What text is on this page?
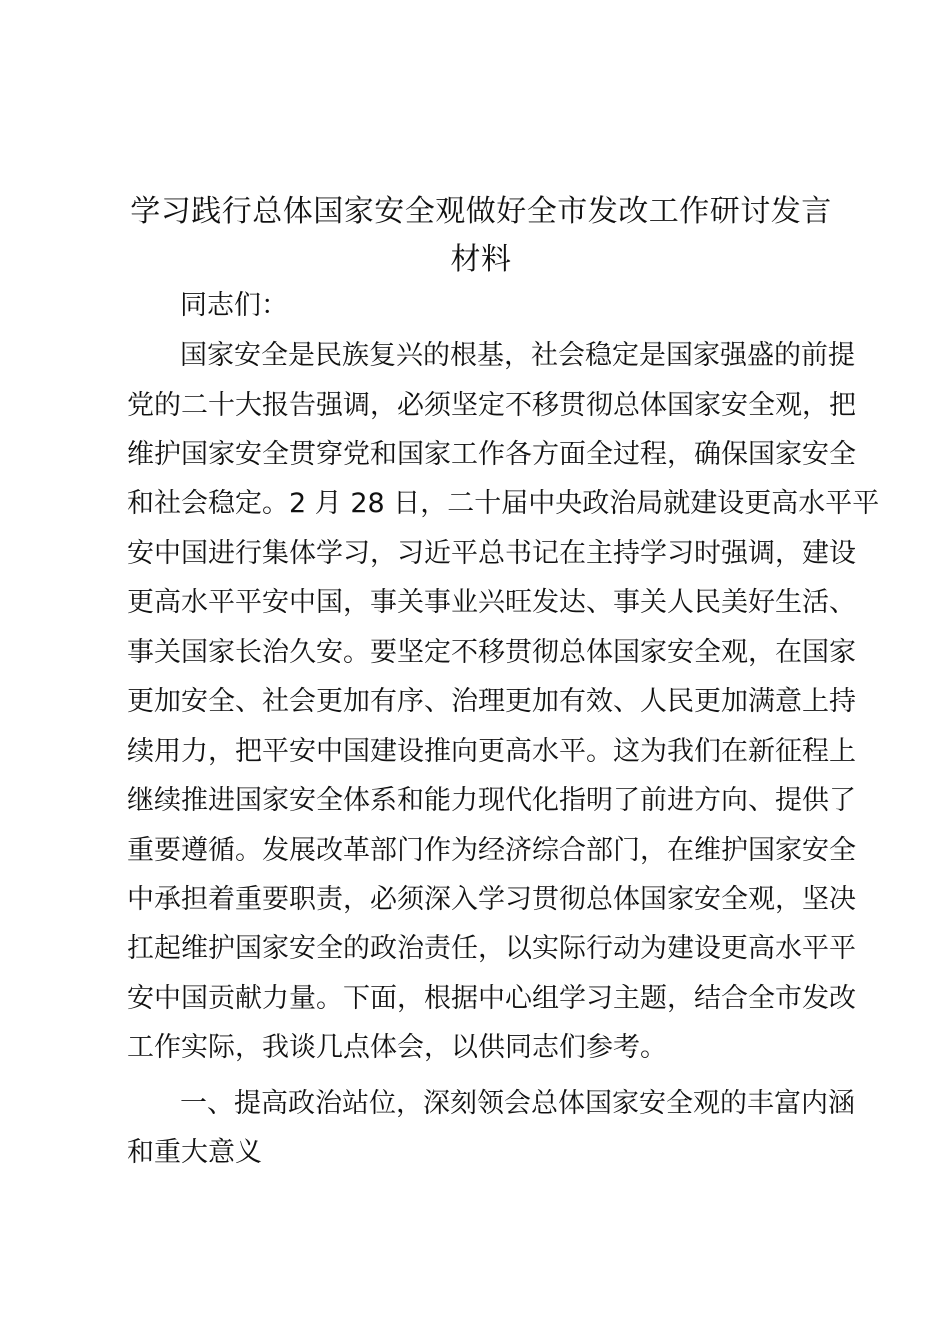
学习践行总体国家安全观做好全市发改工作研讨发言材料
同志们：
国家安全是民族复兴的根基，社会稳定是国家强盛的前提
党的二十大报告强调，必须坚定不移贯彻总体国家安全观，把
维护国家安全贯穿党和国家工作各方面全过程，确保国家安全
和社会稳定。2 月 28 日，二十届中央政治局就建设更高水平平
安中国进行集体学习，习近平总书记在主持学习时强调，建设
更高水平平安中国，事关事业兴旺发达、事关人民美好生活、
事关国家长治久安。要坚定不移贯彻总体国家安全观，在国家
更加安全、社会更加有序、治理更加有效、人民更加满意上持
续用力，把平安中国建设推向更高水平。这为我们在新征程上
继续推进国家安全体系和能力现代化指明了前进方向、提供了
重要遵循。发展改革部门作为经济综合部门，在维护国家安全
中承担着重要职责，必须深入学习贯彻总体国家安全观，坚决
扛起维护国家安全的政治责任，以实际行动为建设更高水平平
安中国贡献力量。下面，根据中心组学习主题，结合全市发改
工作实际，我谈几点体会，以供同志们参考。
一、提高政治站位，深刻领会总体国家安全观的丰富内涵
和重大意义
